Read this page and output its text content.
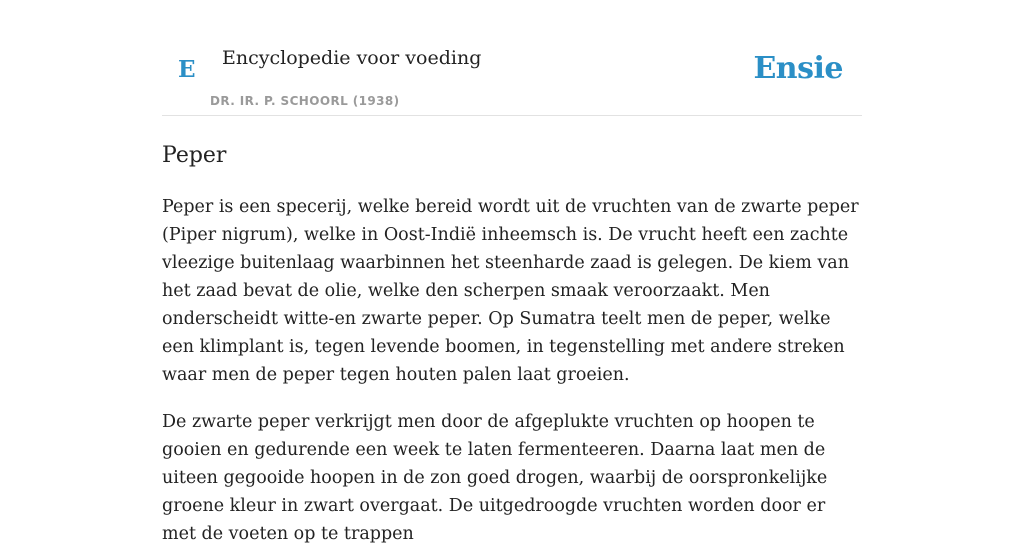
E Encyclopedie voor voeding
DR. IR. P. SCHOORL (1938)
Ensie
Peper

Peper is een specerij, welke bereid wordt uit de vruchten van de zwarte peper (Piper nigrum), welke in Oost-Indië inheemsch is. De vrucht heeft een zachte vleezige buitenlaag waarbinnen het steenharde zaad is gelegen. De kiem van het zaad bevat de olie, welke den scherpen smaak veroorzaakt. Men onderscheidt witte-en zwarte peper. Op Sumatra teelt men de peper, welke een klimplant is, tegen levende boomen, in tegenstelling met andere streken waar men de peper tegen houten palen laat groeien.

De zwarte peper verkrijgt men door de afgeplukte vruchten op hoopen te gooien en gedurende een week te laten fermenteeren. Daarna laat men de uiteen gegooide hoopen in de zon goed drogen, waarbij de oorspronkelijke groene kleur in zwart overgaat. De uitgedroogde vruchten worden door er met de voeten op te trappen
